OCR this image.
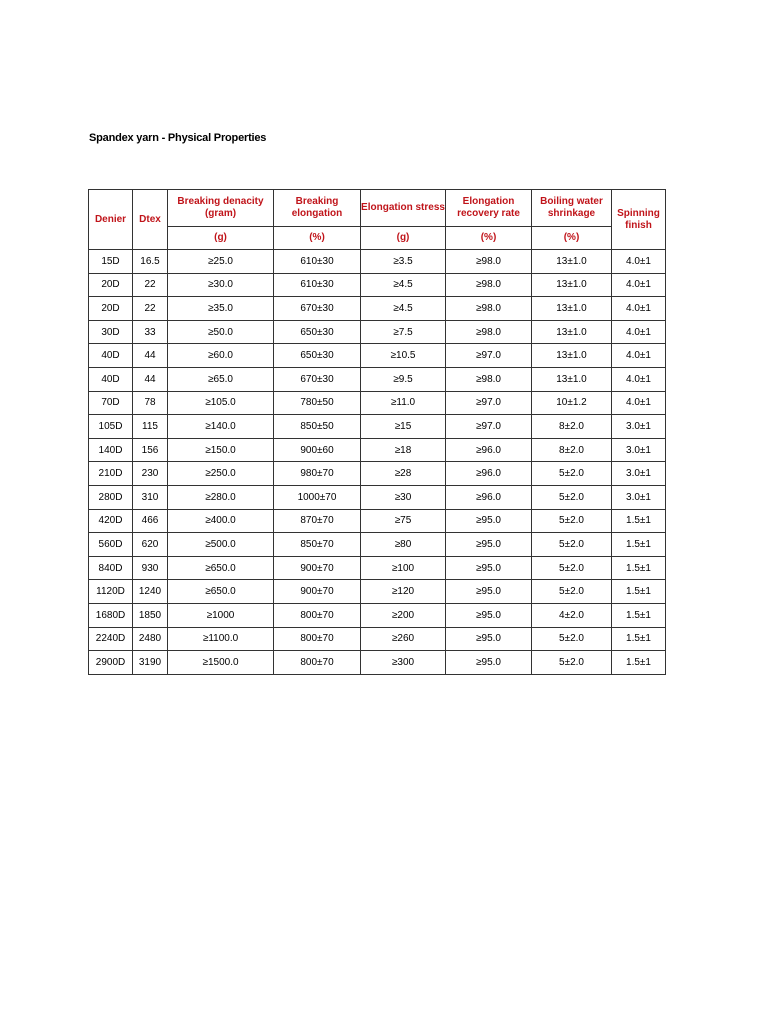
Spandex yarn - Physical Properties
Denier	Dtex	Breaking denacity (gram)	Breaking elongation	Elongation stress	Elongation recovery rate	Boiling water shrinkage	Spinning finish
		(g)	(%)	(g)	(%)	(%)	
15D	16.5	≥25.0	610±30	≥3.5	≥98.0	13±1.0	4.0±1
20D	22	≥30.0	610±30	≥4.5	≥98.0	13±1.0	4.0±1
20D	22	≥35.0	670±30	≥4.5	≥98.0	13±1.0	4.0±1
30D	33	≥50.0	650±30	≥7.5	≥98.0	13±1.0	4.0±1
40D	44	≥60.0	650±30	≥10.5	≥97.0	13±1.0	4.0±1
40D	44	≥65.0	670±30	≥9.5	≥98.0	13±1.0	4.0±1
70D	78	≥105.0	780±50	≥11.0	≥97.0	10±1.2	4.0±1
105D	115	≥140.0	850±50	≥15	≥97.0	8±2.0	3.0±1
140D	156	≥150.0	900±60	≥18	≥96.0	8±2.0	3.0±1
210D	230	≥250.0	980±70	≥28	≥96.0	5±2.0	3.0±1
280D	310	≥280.0	1000±70	≥30	≥96.0	5±2.0	3.0±1
420D	466	≥400.0	870±70	≥75	≥95.0	5±2.0	1.5±1
560D	620	≥500.0	850±70	≥80	≥95.0	5±2.0	1.5±1
840D	930	≥650.0	900±70	≥100	≥95.0	5±2.0	1.5±1
1120D	1240	≥650.0	900±70	≥120	≥95.0	5±2.0	1.5±1
1680D	1850	≥1000	800±70	≥200	≥95.0	4±2.0	1.5±1
2240D	2480	≥1100.0	800±70	≥260	≥95.0	5±2.0	1.5±1
2900D	3190	≥1500.0	800±70	≥300	≥95.0	5±2.0	1.5±1
